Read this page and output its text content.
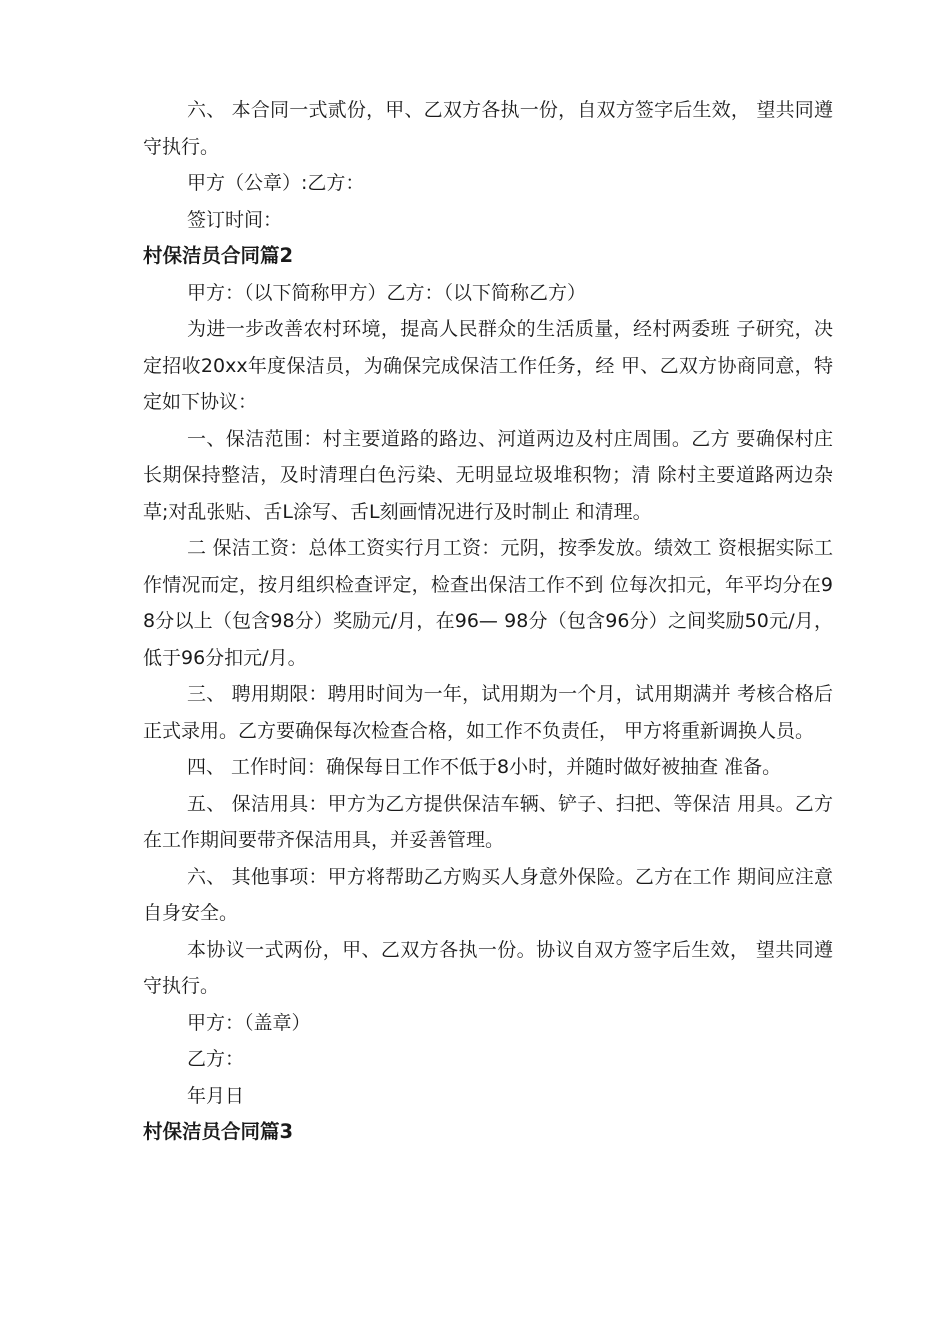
六、 本合同一式贰份，甲、乙双方各执一份，自双方签字后生效， 望共同遵守执行。

甲方（公章）:乙方：

签订时间：

村保洁员合同篇2

甲方：（以下简称甲方）乙方：（以下简称乙方）

为进一步改善农村环境，提高人民群众的生活质量，经村两委班 子研究，决定招收20xx年度保洁员，为确保完成保洁工作任务，经 甲、乙双方协商同意，特定如下协议：

一、保洁范围：村主要道路的路边、河道两边及村庄周围。乙方 要确保村庄长期保持整洁，及时清理白色污染、无明显垃圾堆积物；清 除村主要道路两边杂草;对乱张贴、舌L涂写、舌L刻画情况进行及时制止 和清理。

二 保洁工资：总体工资实行月工资：元阴，按季发放。绩效工 资根据实际工作情况而定，按月组织检查评定，检查出保洁工作不到 位每次扣元，年平均分在98分以上（包含98分）奖励元/月，在96— 98分（包含96分）之间奖励50元/月，低于96分扣元/月。

三、 聘用期限：聘用时间为一年，试用期为一个月，试用期满并 考核合格后正式录用。乙方要确保每次检查合格，如工作不负责任， 甲方将重新调换人员。

四、 工作时间：确保每日工作不低于8小时，并随时做好被抽查 准备。

五、 保洁用具：甲方为乙方提供保洁车辆、铲子、扫把、等保洁 用具。乙方在工作期间要带齐保洁用具，并妥善管理。

六、 其他事项：甲方将帮助乙方购买人身意外保险。乙方在工作 期间应注意自身安全。

本协议一式两份，甲、乙双方各执一份。协议自双方签字后生效， 望共同遵守执行。

甲方：（盖章）

乙方：

年月日

村保洁员合同篇3
